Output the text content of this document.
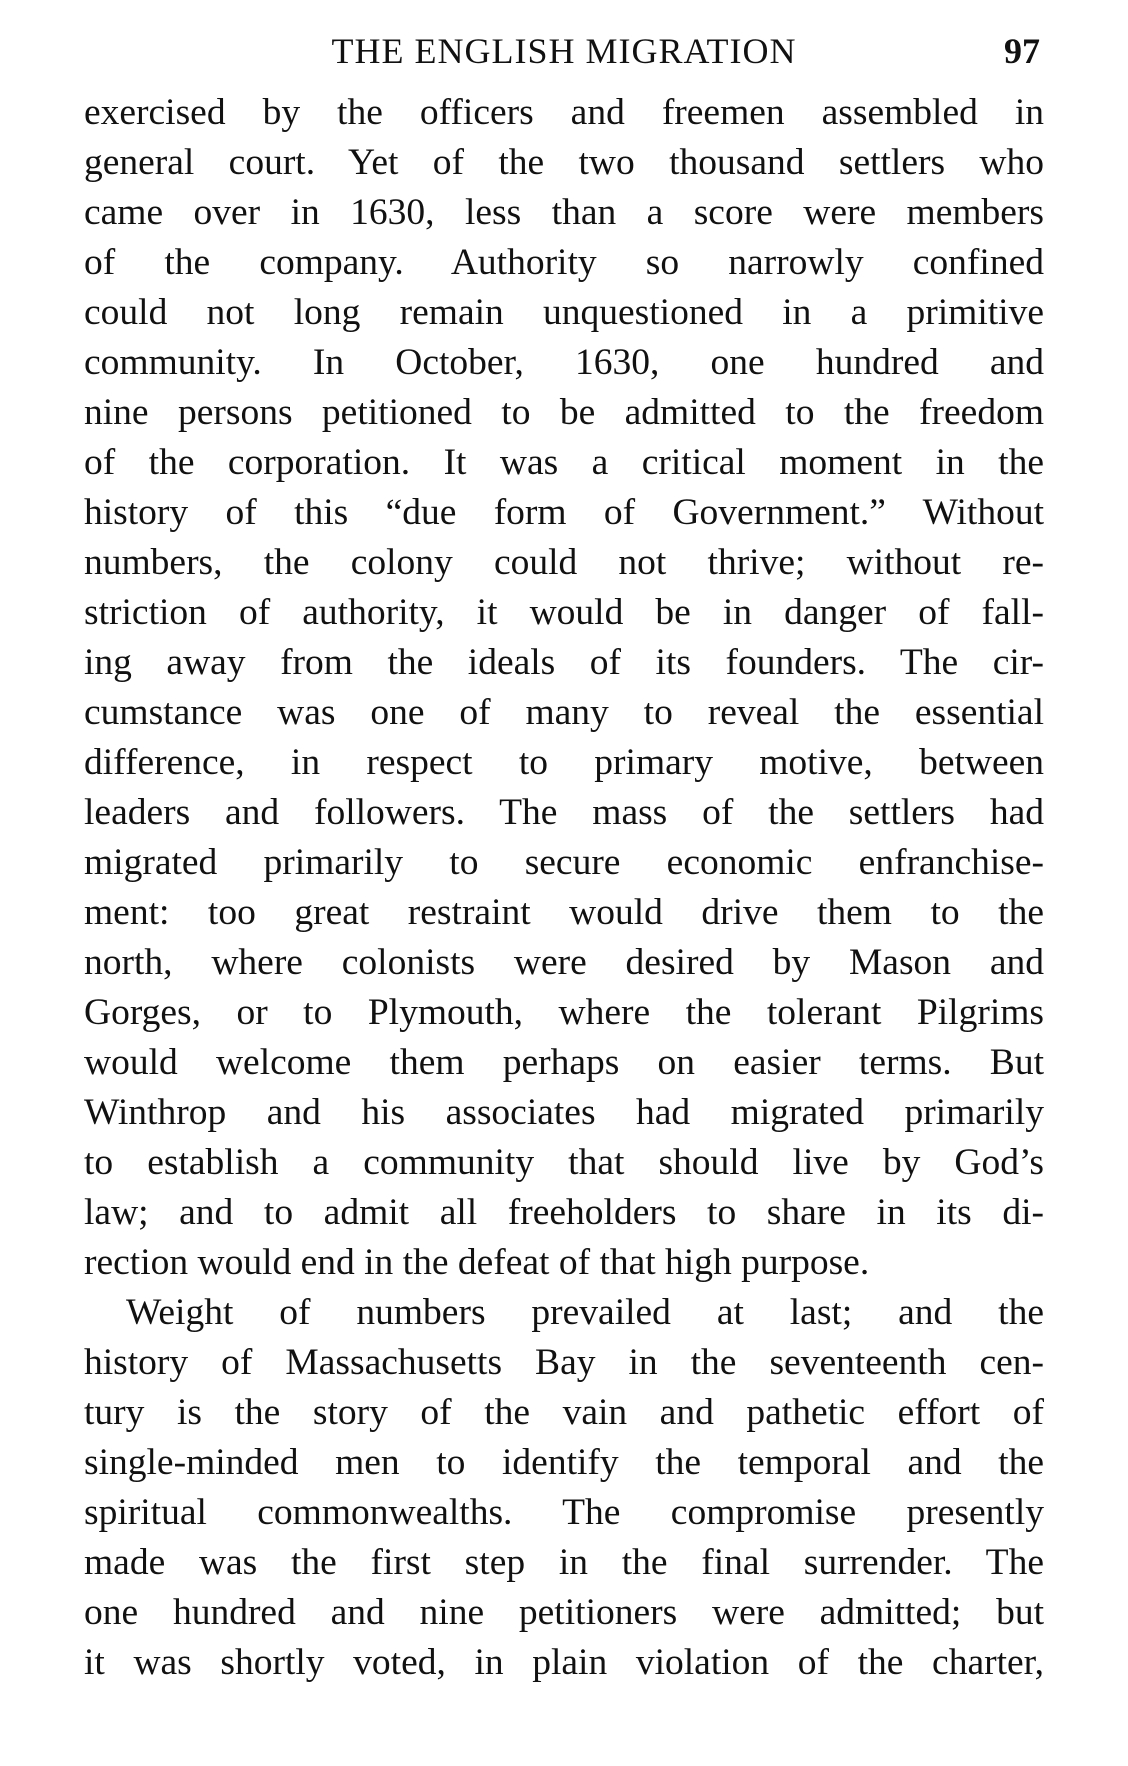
THE ENGLISH MIGRATION	97
exercised by the officers and freemen assembled in
general court. Yet of the two thousand settlers who
came over in 1630, less than a score were members
of the company. Authority so narrowly confined
could not long remain unquestioned in a primitive
community. In October, 1630, one hundred and
nine persons petitioned to be admitted to the freedom
of the corporation. It was a critical moment in the
history of this “due form of Government.” Without
numbers, the colony could not thrive; without re-
striction of authority, it would be in danger of fall-
ing away from the ideals of its founders. The cir-
cumstance was one of many to reveal the essential
difference, in respect to primary motive, between
leaders and followers. The mass of the settlers had
migrated primarily to secure economic enfranchise-
ment: too great restraint would drive them to the
north, where colonists were desired by Mason and
Gorges, or to Plymouth, where the tolerant Pilgrims
would welcome them perhaps on easier terms. But
Winthrop and his associates had migrated primarily
to establish a community that should live by God’s
law; and to admit all freeholders to share in its di-
rection would end in the defeat of that high purpose.
Weight of numbers prevailed at last; and the
history of Massachusetts Bay in the seventeenth cen-
tury is the story of the vain and pathetic effort of
single-minded men to identify the temporal and the
spiritual commonwealths. The compromise presently
made was the first step in the final surrender. The
one hundred and nine petitioners were admitted; but
it was shortly voted, in plain violation of the charter,
